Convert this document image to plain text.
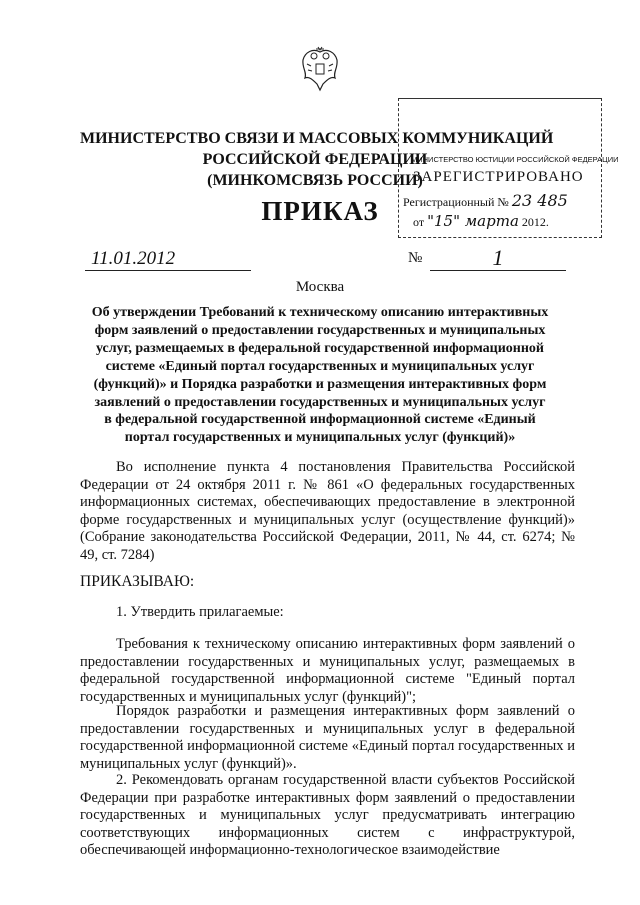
МИНИСТЕРСТВО ЮСТИЦИИ РОССИЙСКОЙ ФЕДЕРАЦИИ
ЗАРЕГИСТРИРОВАНО
Регистрационный № 23 485
от "15" марта 2012.
МИНИСТЕРСТВО СВЯЗИ И МАССОВЫХ КОММУНИКАЦИЙ
РОССИЙСКОЙ ФЕДЕРАЦИИ
(МИНКОМСВЯЗЬ РОССИИ)
ПРИКАЗ
11.01.2012	№	1
Москва
Об утверждении Требований к техническому описанию интерактивных
форм заявлений о предоставлении государственных и муниципальных
услуг, размещаемых в федеральной государственной информационной
системе «Единый портал государственных и муниципальных услуг
(функций)» и Порядка разработки и размещения интерактивных форм
заявлений о предоставлении государственных и муниципальных услуг
в федеральной государственной информационной системе «Единый
портал государственных и муниципальных услуг (функций)»

Во исполнение пункта 4 постановления Правительства Российской Федерации от 24 октября 2011 г. № 861 «О федеральных государственных информационных системах, обеспечивающих предоставление в электронной форме государственных и муниципальных услуг (осуществление функций)» (Собрание законодательства Российской Федерации, 2011, № 44, ст. 6274; № 49, ст. 7284)

ПРИКАЗЫВАЮ:

1. Утвердить прилагаемые:

Требования к техническому описанию интерактивных форм заявлений о предоставлении государственных и муниципальных услуг, размещаемых в федеральной государственной информационной системе "Единый портал государственных и муниципальных услуг (функций)";

Порядок разработки и размещения интерактивных форм заявлений о предоставлении государственных и муниципальных услуг в федеральной государственной информационной системе «Единый портал государственных и муниципальных услуг (функций)».

2. Рекомендовать органам государственной власти субъектов Российской Федерации при разработке интерактивных форм заявлений о предоставлении государственных и муниципальных услуг предусматривать интеграцию соответствующих информационных систем с инфраструктурой, обеспечивающей информационно-технологическое взаимодействие
